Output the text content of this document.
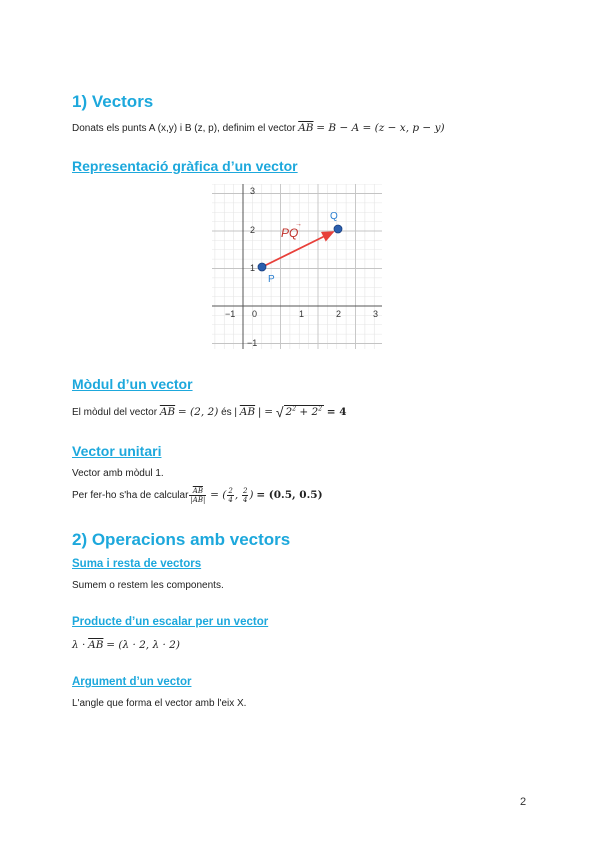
1) Vectors

Donats els punts A (x,y) i B (z, p), definim el vector $\overline{AB} = B - A = (z - x$, p − y)

Representació gràfica d’un vector
−1 0	1	2	3
3
2
1
−1
P
Q
PQ
→
Mòdul d’un vector

El mòdul del vector $\overline{AB} = (2$, 2) és | $\overline{AB}$ | = √ $2^2 + 2^2 = 4$

Vector unitari

Vector amb mòdul 1.

Per fer-ho s'ha de calcular $\frac{\overline{AB}}{|AB|}$ = ( $\frac{2}{4}$ , $\frac{2}{4}$ ) = (0.5, 0.5)

2) Operacions amb vectors
Suma i resta de vectors

Sumem o restem les components.

Producte d’un escalar per un vector

$\lambda \cdot \overline{AB} = (\lambda \cdot 2$, λ · 2)

Argument d’un vector

L'angle que forma el vector amb l'eix X.

2
